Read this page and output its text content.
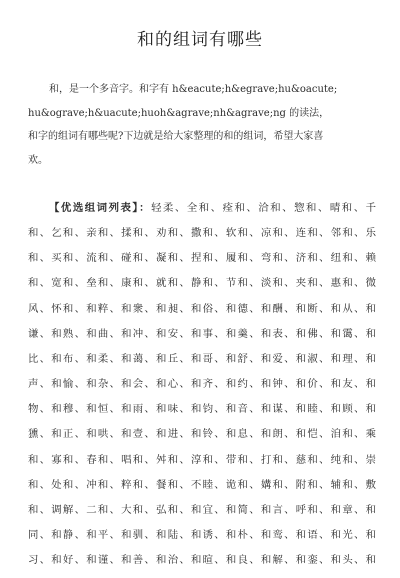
和的组词有哪些
和，是一个多音字。和字有 h&eacute;h&egrave;hu&oacute;
hu&ograve;h&uacute;huoh&agrave;nh&agrave;ng 的读法，
和字的组词有哪些呢?下边就是给大家整理的和的组词，希望大家喜
欢。
【优选组词列表】：轻柔、全和、痊和、洽和、惣和、晴和、千
和、乞和、亲和、揉和、劝和、撒和、软和、凉和、连和、邻和、乐
和、买和、流和、碰和、凝和、捏和、履和、弯和、济和、纽和、赖
和、宽和、垒和、康和、就和、静和、节和、淡和、夹和、惠和、微
风、怀和、和粹、和衆、和昶、和俗、和德、和酬、和断、和从、和
谦、和熟、和曲、和冲、和安、和事、和羹、和表、和佛、和霭、和
比、和布、和柔、和蔼、和丘、和哥、和舒、和爱、和淑、和理、和
声、和愉、和杂、和会、和心、和齐、和约、和钟、和价、和友、和
物、和穆、和恒、和雨、和味、和钧、和音、和谋、和睦、和顾、和
獯、和正、和哄、和壹、和进、和铃、和息、和朗、和恺、洎和、乘
和、寡和、春和、唱和、舛和、淳和、带和、打和、慈和、纯和、崇
和、处和、冲和、粹和、餐和、不睦、诡和、媾和、附和、辅和、敷
和、调解、二和、大和、弘和、和宜、和简、和言、呼和、和章、和
同、和静、和平、和驯、和陆、和诱、和朴、和鸾、和语、和光、和
习、和好、和谨、和善、和治、和暄、和良、和解、和銮、和头、和
